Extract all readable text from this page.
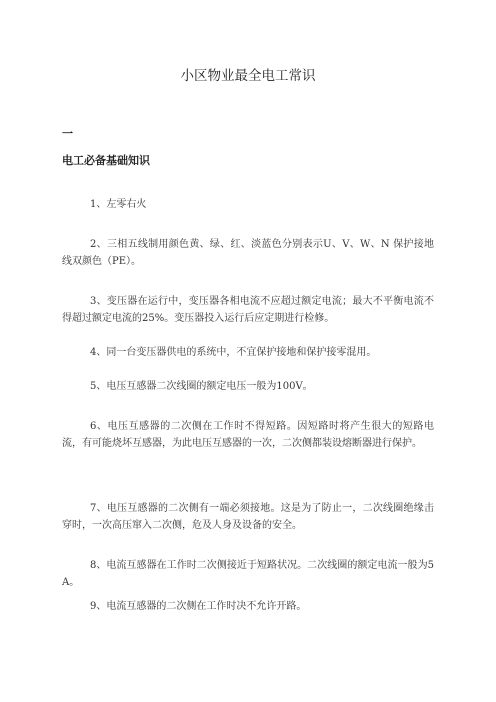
小区物业最全电工常识
一
电工必备基础知识

1、左零右火

2、三相五线制用颜色黄、绿、红、淡蓝色分别表示U、V、W、N 保护接地线双颜色（PE）。

3、变压器在运行中，变压器各相电流不应超过额定电流；最大不平衡电流不得超过额定电流的25%。变压器投入运行后应定期进行检修。

4、同一台变压器供电的系统中，不宜保护接地和保护接零混用。

5、电压互感器二次线圈的额定电压一般为100V。

6、电压互感器的二次侧在工作时不得短路。因短路时将产生很大的短路电流，有可能烧坏互感器，为此电压互感器的一次，二次侧都装设熔断器进行保护。

7、电压互感器的二次侧有一端必须接地。这是为了防止一，二次线圈绝缘击穿时，一次高压窜入二次侧，危及人身及设备的安全。

8、电流互感器在工作时二次侧接近于短路状况。二次线圈的额定电流一般为5A。

9、电流互感器的二次侧在工作时决不允许开路。
